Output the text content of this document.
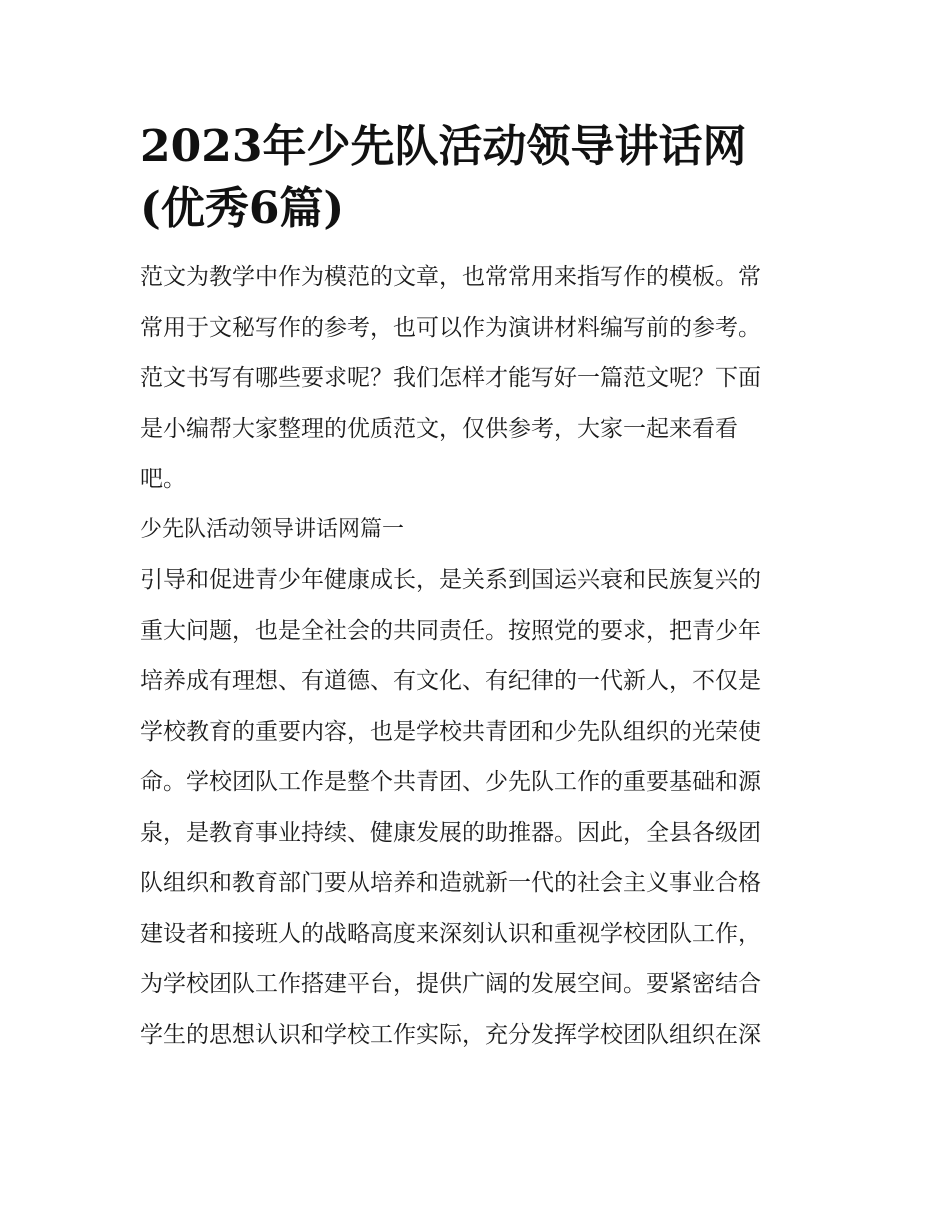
2023年少先队活动领导讲话网
(优秀6篇)

范文为教学中作为模范的文章，也常常用来指写作的模板。常
常用于文秘写作的参考，也可以作为演讲材料编写前的参考。
范文书写有哪些要求呢？我们怎样才能写好一篇范文呢？下面
是小编帮大家整理的优质范文，仅供参考，大家一起来看看
吧。

少先队活动领导讲话网篇一

引导和促进青少年健康成长，是关系到国运兴衰和民族复兴的
重大问题，也是全社会的共同责任。按照党的要求，把青少年
培养成有理想、有道德、有文化、有纪律的一代新人，不仅是
学校教育的重要内容，也是学校共青团和少先队组织的光荣使
命。学校团队工作是整个共青团、少先队工作的重要基础和源
泉，是教育事业持续、健康发展的助推器。因此，全县各级团
队组织和教育部门要从培养和造就新一代的社会主义事业合格
建设者和接班人的战略高度来深刻认识和重视学校团队工作，
为学校团队工作搭建平台，提供广阔的发展空间。要紧密结合
学生的思想认识和学校工作实际，充分发挥学校团队组织在深
